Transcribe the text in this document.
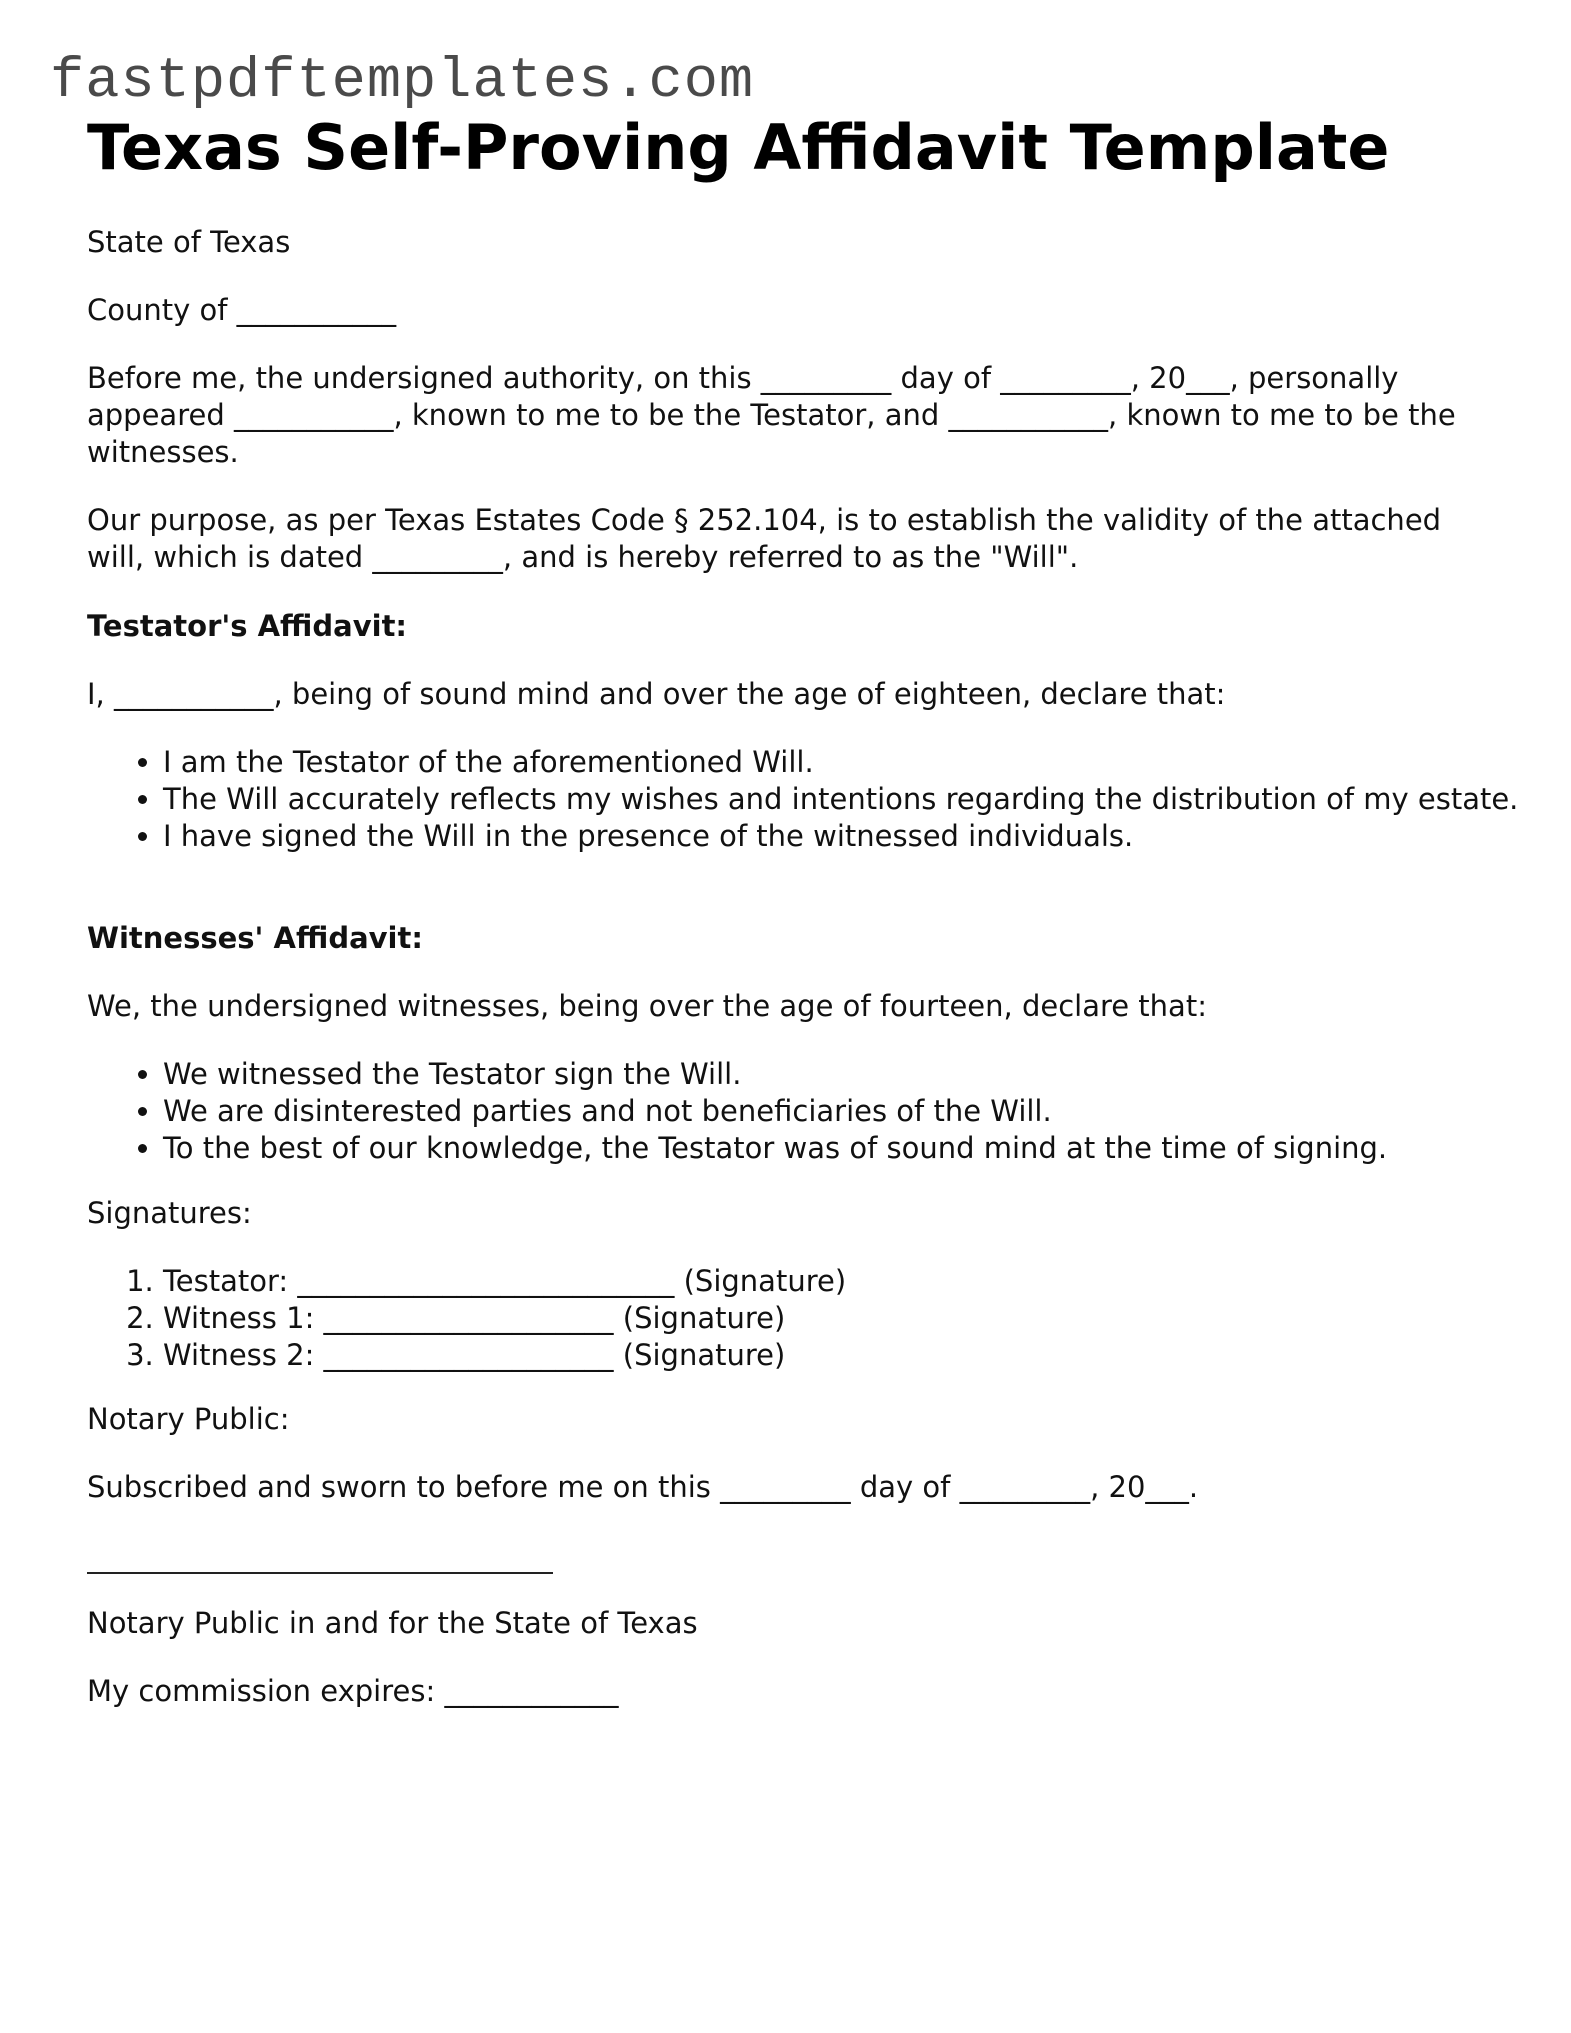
fastpdftemplates.com
Texas Self-Proving Affidavit Template

State of Texas

County of ___________

Before me, the undersigned authority, on this _________ day of _________, 20___, personally appeared ___________, known to me to be the Testator, and ___________, known to me to be the witnesses.

Our purpose, as per Texas Estates Code § 252.104, is to establish the validity of the attached will, which is dated _________, and is hereby referred to as the "Will".

Testator's Affidavit:

I, ___________, being of sound mind and over the age of eighteen, declare that:

• I am the Testator of the aforementioned Will.
• The Will accurately reflects my wishes and intentions regarding the distribution of my estate.
• I have signed the Will in the presence of the witnessed individuals.

Witnesses' Affidavit:

We, the undersigned witnesses, being over the age of fourteen, declare that:

• We witnessed the Testator sign the Will.
• We are disinterested parties and not beneficiaries of the Will.
• To the best of our knowledge, the Testator was of sound mind at the time of signing.

Signatures:

1. Testator: __________________________ (Signature)
2. Witness 1: ____________________ (Signature)
3. Witness 2: ____________________ (Signature)

Notary Public:

Subscribed and sworn to before me on this _________ day of _________, 20___.

Notary Public in and for the State of Texas

My commission expires: ____________
